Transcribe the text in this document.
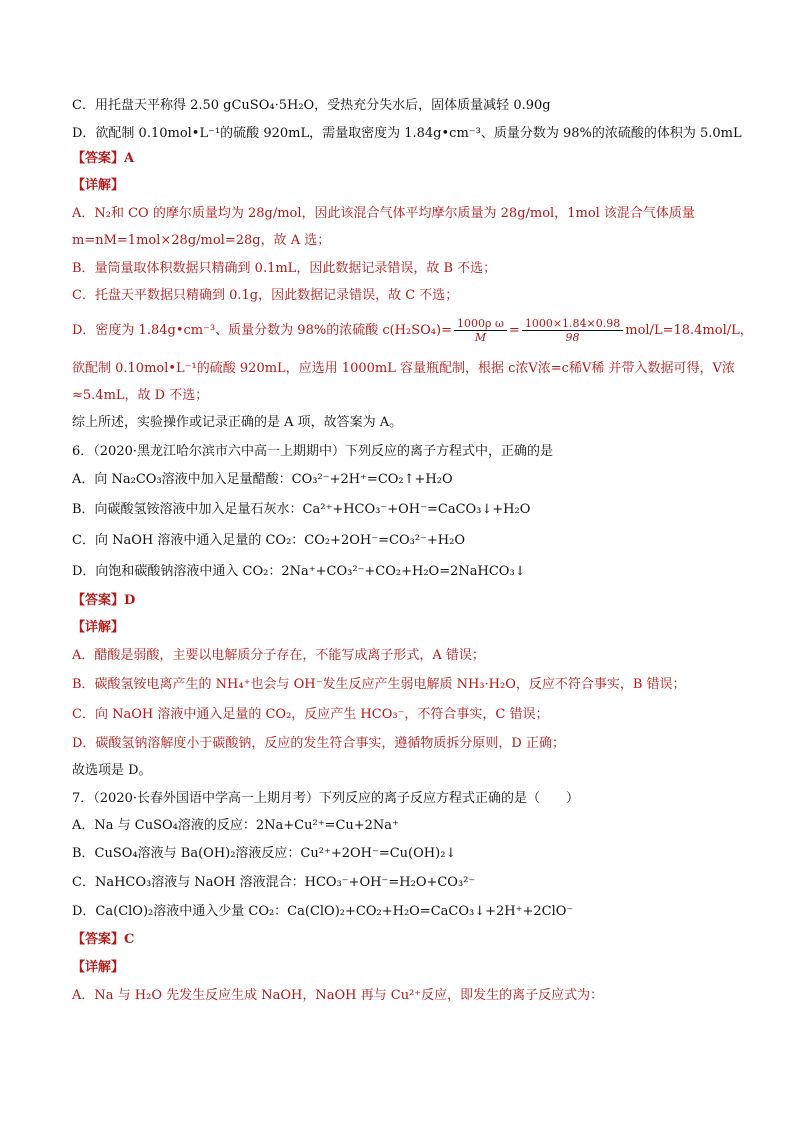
C．用托盘天平称得 2.50 gCuSO₄·5H₂O，受热充分失水后，固体质量减轻 0.90g
D．欲配制 0.10mol•L⁻¹的硫酸 920mL，需量取密度为 1.84g•cm⁻³、质量分数为 98%的浓硫酸的体积为 5.0mL
【答案】A
【详解】
A．N₂和 CO 的摩尔质量均为 28g/mol，因此该混合气体平均摩尔质量为 28g/mol，1mol 该混合气体质量
m=nM=1mol×28g/mol=28g，故 A 选；
B．量筒量取体积数据只精确到 0.1mL，因此数据记录错误，故 B 不选；
C．托盘天平数据只精确到 0.1g，因此数据记录错误，故 C 不选；
D．密度为 1.84g•cm⁻³、质量分数为 98%的浓硫酸 $c(H_2SO_4)= \frac{\text{1000ρ ω}}{M} = \frac{1000\times 1.84\times 0.98}{98} mol/L=18.4mol/L$，
欲配制 0.10mol•L⁻¹的硫酸 920mL，应选用 1000mL 容量瓶配制，根据 c浓V浓=c稀V稀 并带入数据可得，V浓
≈5.4mL，故 D 不选；
综上所述，实验操作或记录正确的是 A 项，故答案为 A。
6．（2020·黑龙江哈尔滨市六中高一上期期中）下列反应的离子方程式中，正确的是
A．向 Na₂CO₃溶液中加入足量醋酸：CO₃²⁻+2H⁺=CO₂↑+H₂O
B．向碳酸氢铵溶液中加入足量石灰水：Ca²⁺+HCO₃⁻+OH⁻=CaCO₃↓+H₂O
C．向 NaOH 溶液中通入足量的 CO₂：CO₂+2OH⁻=CO₃²⁻+H₂O
D．向饱和碳酸钠溶液中通入 CO₂：2Na⁺+CO₃²⁻+CO₂+H₂O=2NaHCO₃↓
【答案】D
【详解】
A．醋酸是弱酸，主要以电解质分子存在，不能写成离子形式，A 错误；
B．碳酸氢铵电离产生的 NH₄⁺也会与 OH⁻发生反应产生弱电解质 NH₃·H₂O，反应不符合事实，B 错误；
C．向 NaOH 溶液中通入足量的 CO₂，反应产生 HCO₃⁻，不符合事实，C 错误；
D．碳酸氢钠溶解度小于碳酸钠，反应的发生符合事实，遵循物质拆分原则，D 正确；
故选项是 D。
7．（2020·长春外国语中学高一上期月考）下列反应的离子反应方程式正确的是（　　）
A．Na 与 CuSO₄溶液的反应：2Na+Cu²⁺=Cu+2Na⁺
B．CuSO₄溶液与 Ba(OH)₂溶液反应：Cu²⁺+2OH⁻=Cu(OH)₂↓
C．NaHCO₃溶液与 NaOH 溶液混合：HCO₃⁻+OH⁻=H₂O+CO₃²⁻
D．Ca(ClO)₂溶液中通入少量 CO₂：Ca(ClO)₂+CO₂+H₂O=CaCO₃↓+2H⁺+2ClO⁻
【答案】C
【详解】
A．Na 与 H₂O 先发生反应生成 NaOH，NaOH 再与 Cu²⁺反应，即发生的离子反应式为：
